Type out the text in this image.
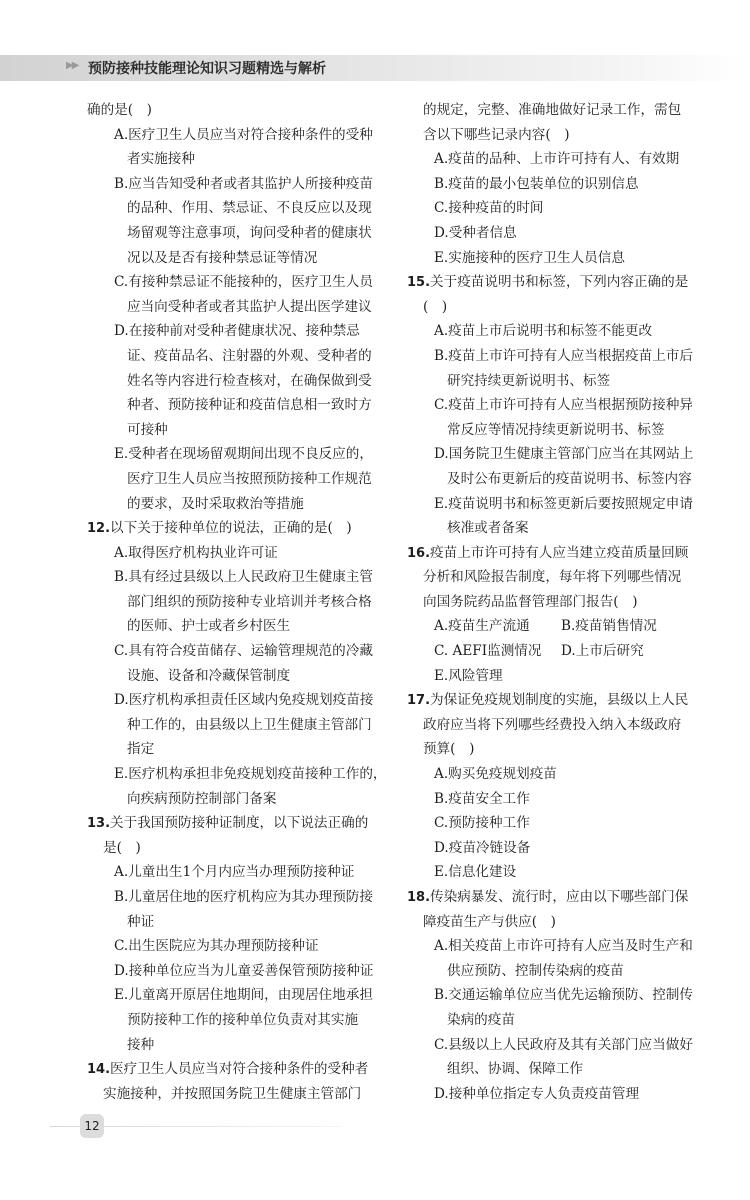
▶▶ 预防接种技能理论知识习题精选与解析
确的是(　)
A.医疗卫生人员应当对符合接种条件的受种
者实施接种
B.应当告知受种者或者其监护人所接种疫苗
的品种、作用、禁忌证、不良反应以及现
场留观等注意事项，询问受种者的健康状
况以及是否有接种禁忌证等情况
C.有接种禁忌证不能接种的，医疗卫生人员
应当向受种者或者其监护人提出医学建议
D.在接种前对受种者健康状况、接种禁忌
证、疫苗品名、注射器的外观、受种者的
姓名等内容进行检查核对，在确保做到受
种者、预防接种证和疫苗信息相一致时方
可接种
E.受种者在现场留观期间出现不良反应的，
医疗卫生人员应当按照预防接种工作规范
的要求，及时采取救治等措施
12.以下关于接种单位的说法，正确的是(　)
A.取得医疗机构执业许可证
B.具有经过县级以上人民政府卫生健康主管
部门组织的预防接种专业培训并考核合格
的医师、护士或者乡村医生
C.具有符合疫苗储存、运输管理规范的冷藏
设施、设备和冷藏保管制度
D.医疗机构承担责任区域内免疫规划疫苗接
种工作的，由县级以上卫生健康主管部门
指定
E.医疗机构承担非免疫规划疫苗接种工作的，
向疾病预防控制部门备案
13.关于我国预防接种证制度，以下说法正确的
是(　)
A.儿童出生1个月内应当办理预防接种证
B.儿童居住地的医疗机构应为其办理预防接
种证
C.出生医院应为其办理预防接种证
D.接种单位应当为儿童妥善保管预防接种证
E.儿童离开原居住地期间，由现居住地承担
预防接种工作的接种单位负责对其实施
接种
14.医疗卫生人员应当对符合接种条件的受种者
实施接种，并按照国务院卫生健康主管部门
的规定，完整、准确地做好记录工作，需包
含以下哪些记录内容(　)
A.疫苗的品种、上市许可持有人、有效期
B.疫苗的最小包装单位的识别信息
C.接种疫苗的时间
D.受种者信息
E.实施接种的医疗卫生人员信息
15.关于疫苗说明书和标签，下列内容正确的是
(　)
A.疫苗上市后说明书和标签不能更改
B.疫苗上市许可持有人应当根据疫苗上市后
研究持续更新说明书、标签
C.疫苗上市许可持有人应当根据预防接种异
常反应等情况持续更新说明书、标签
D.国务院卫生健康主管部门应当在其网站上
及时公布更新后的疫苗说明书、标签内容
E.疫苗说明书和标签更新后要按照规定申请
核准或者备案
16.疫苗上市许可持有人应当建立疫苗质量回顾
分析和风险报告制度，每年将下列哪些情况
向国务院药品监督管理部门报告(　)
A.疫苗生产流通	B.疫苗销售情况
C. AEFI监测情况	D.上市后研究
E.风险管理
17.为保证免疫规划制度的实施，县级以上人民
政府应当将下列哪些经费投入纳入本级政府
预算(　)
A.购买免疫规划疫苗
B.疫苗安全工作
C.预防接种工作
D.疫苗冷链设备
E.信息化建设
18.传染病暴发、流行时，应由以下哪些部门保
障疫苗生产与供应(　)
A.相关疫苗上市许可持有人应当及时生产和
供应预防、控制传染病的疫苗
B.交通运输单位应当优先运输预防、控制传
染病的疫苗
C.县级以上人民政府及其有关部门应当做好
组织、协调、保障工作
D.接种单位指定专人负责疫苗管理
12
